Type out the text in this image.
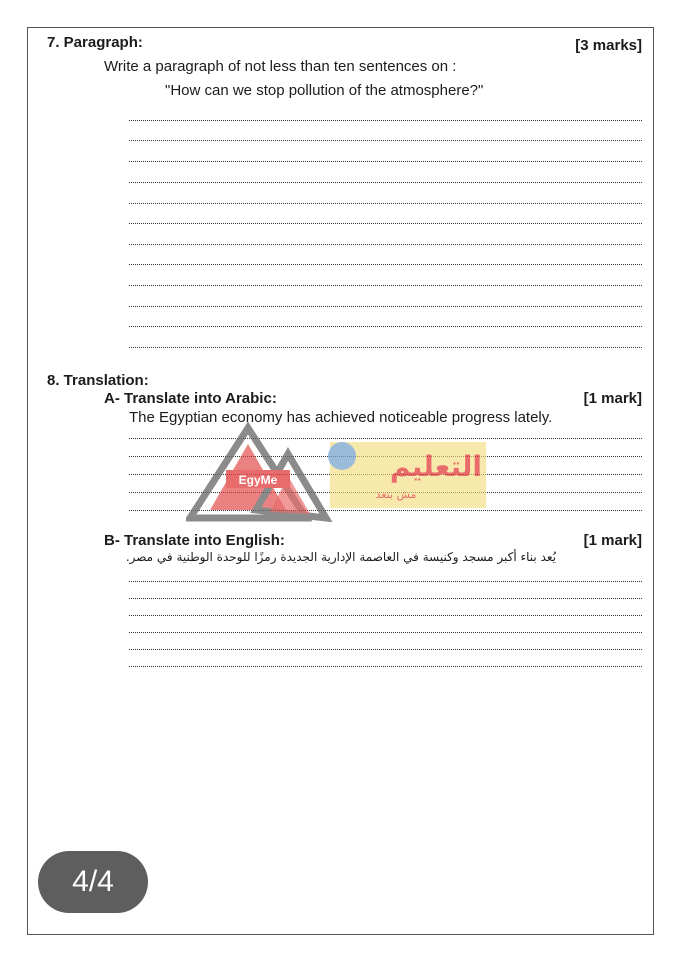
7. Paragraph:	[3 marks]
Write a paragraph of not less than ten sentences on :
"How can we stop pollution of the atmosphere?"
8. Translation:
A- Translate into Arabic:	[1 mark]
The Egyptian economy has achieved noticeable progress lately.
B- Translate into English:	[1 mark]
يُعد بناء أكبر مسجد وكنيسة في العاصمة الإدارية الجديدة رمزًا للوحدة الوطنية في مصر.
EgyMe	التعليم
مش بتعد
4/4
